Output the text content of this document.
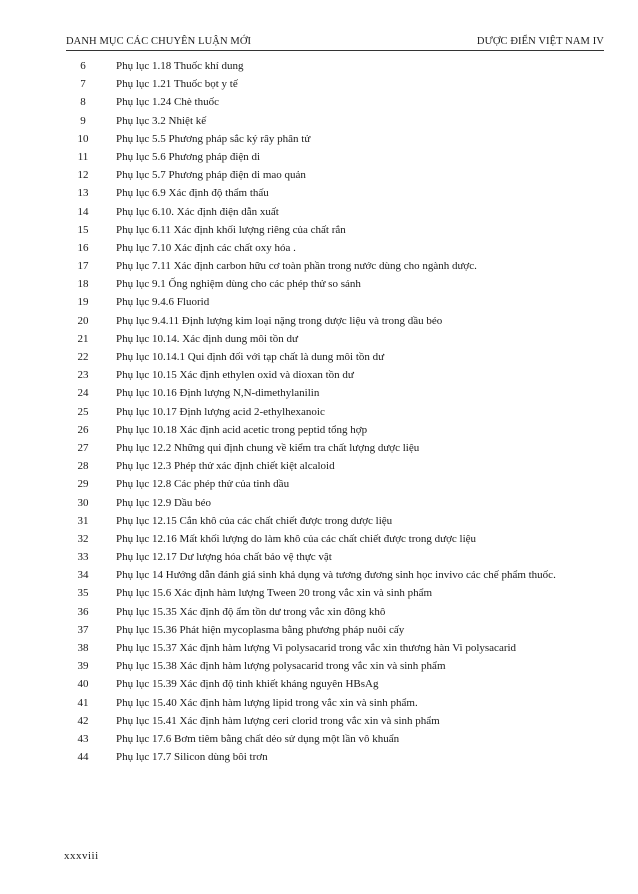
DANH MỤC CÁC CHUYÊN LUẬN MỚI	DƯỢC ĐIỂN VIỆT NAM IV
6	Phụ lục 1.18 Thuốc khí dung
7	Phụ lục 1.21 Thuốc bọt y tế
8	Phụ lục 1.24 Chè thuốc
9	Phụ lục 3.2 Nhiệt kế
10	Phụ lục 5.5 Phương pháp sắc ký rây phân tử
11	Phụ lục 5.6 Phương pháp điện di
12	Phụ lục 5.7 Phương pháp điện di mao quản
13	Phụ lục 6.9 Xác định độ thẩm thấu
14	Phụ lục 6.10. Xác định điện dẫn xuất
15	Phụ lục 6.11 Xác định khối lượng riêng của chất rắn
16	Phụ lục 7.10 Xác định các chất oxy hóa .
17	Phụ lục 7.11 Xác định carbon hữu cơ toàn phần trong nước dùng cho ngành dược.
18	Phụ lục 9.1 Ống nghiệm dùng cho các phép thử so sánh
19	Phụ lục 9.4.6 Fluorid
20	Phụ lục 9.4.11 Định lượng kim loại nặng trong dược liệu và trong dầu béo
21	Phụ lục 10.14. Xác định dung môi tồn dư
22	Phụ lục 10.14.1 Qui định đối với tạp chất là dung môi tồn dư
23	Phụ lục 10.15 Xác định ethylen oxid và dioxan tồn dư
24	Phụ lục 10.16 Định lượng N,N-dimethylanilin
25	Phụ lục 10.17 Định lượng acid 2-ethylhexanoic
26	Phụ lục 10.18 Xác định acid acetic trong peptid tổng hợp
27	Phụ lục 12.2 Những qui định chung về kiểm tra chất lượng dược liệu
28	Phụ lục 12.3 Phép thử xác định chiết kiệt alcaloid
29	Phụ lục 12.8 Các phép thử của tinh dầu
30	Phụ lục 12.9 Dầu béo
31	Phụ lục 12.15 Cắn khô của các chất chiết được trong dược liệu
32	Phụ lục 12.16 Mất khối lượng do làm khô của các chất chiết được trong dược liệu
33	Phụ lục 12.17 Dư lượng hóa chất bảo vệ thực vật
34	Phụ lục 14 Hướng dẫn đánh giá sinh khả dụng và tương đương sinh học invivo các chế phẩm thuốc.
35	Phụ lục 15.6 Xác định hàm lượng Tween 20 trong vắc xin và sinh phẩm
36	Phụ lục 15.35 Xác định độ ẩm tồn dư trong vắc xin đông khô
37	Phụ lục 15.36 Phát hiện mycoplasma bằng phương pháp nuôi cấy
38	Phụ lục 15.37 Xác định hàm lượng Vi polysacarid trong vắc xin thương hàn Vi polysacarid
39	Phụ lục 15.38 Xác định hàm lượng polysacarid trong vắc xin và sinh phẩm
40	Phụ lục 15.39 Xác định độ tinh khiết kháng nguyên HBsAg
41	Phụ lục 15.40 Xác định hàm lượng lipid trong vắc xin và sinh phẩm.
42	Phụ lục 15.41 Xác định hàm lượng ceri clorid trong vắc xin và sinh phẩm
43	Phụ lục 17.6 Bơm tiêm bằng chất dẻo sử dụng một lần vô khuẩn
44	Phụ lục 17.7 Silicon dùng bôi trơn
xxxviii
